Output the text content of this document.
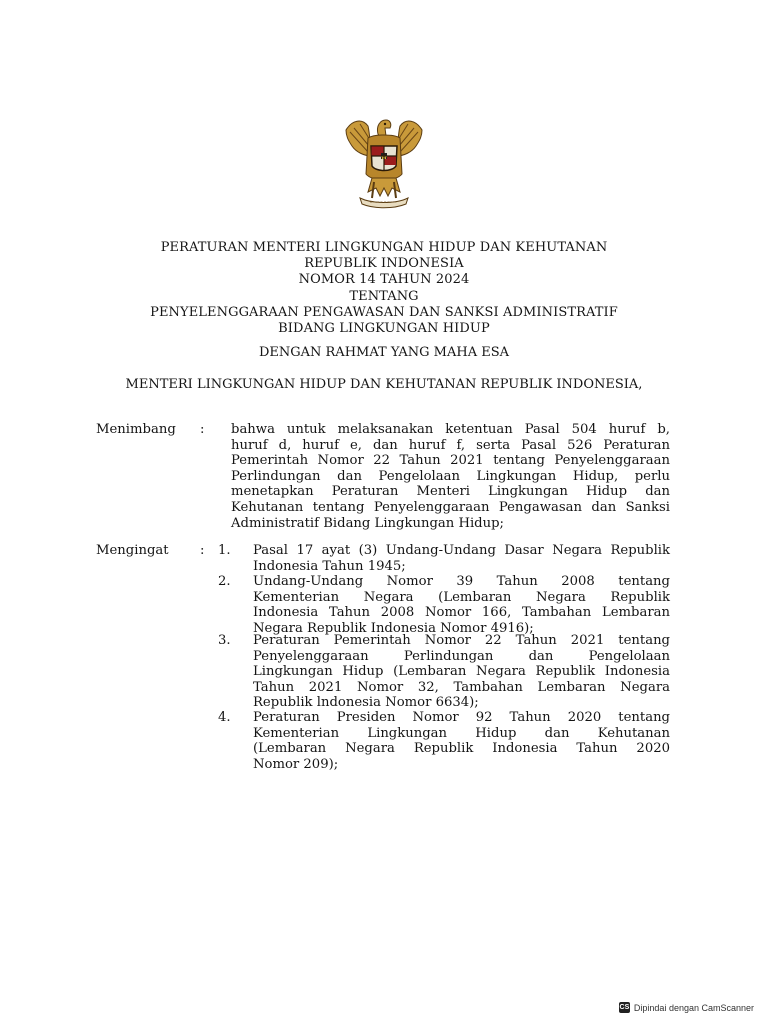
PERATURAN MENTERI LINGKUNGAN HIDUP DAN KEHUTANAN
REPUBLIK INDONESIA
NOMOR 14 TAHUN 2024
TENTANG
PENYELENGGARAAN PENGAWASAN DAN SANKSI ADMINISTRATIF
BIDANG LINGKUNGAN HIDUP
DENGAN RAHMAT YANG MAHA ESA
MENTERI LINGKUNGAN HIDUP DAN KEHUTANAN REPUBLIK INDONESIA,
Menimbang : bahwa untuk melaksanakan ketentuan Pasal 504 huruf b,
huruf d, huruf e, dan huruf f, serta Pasal 526 Peraturan
Pemerintah Nomor 22 Tahun 2021 tentang Penyelenggaraan
Perlindungan dan Pengelolaan Lingkungan Hidup, perlu
menetapkan Peraturan Menteri Lingkungan Hidup dan
Kehutanan tentang Penyelenggaraan Pengawasan dan Sanksi
Administratif Bidang Lingkungan Hidup;
Mengingat : 1. Pasal 17 ayat (3) Undang-Undang Dasar Negara Republik
Indonesia Tahun 1945;
2. Undang-Undang Nomor 39 Tahun 2008 tentang
Kementerian Negara (Lembaran Negara Republik
Indonesia Tahun 2008 Nomor 166, Tambahan Lembaran
Negara Republik Indonesia Nomor 4916);
3. Peraturan Pemerintah Nomor 22 Tahun 2021 tentang
Penyelenggaraan Perlindungan dan Pengelolaan
Lingkungan Hidup (Lembaran Negara Republik Indonesia
Tahun 2021 Nomor 32, Tambahan Lembaran Negara
Republik lndonesia Nomor 6634);
4. Peraturan Presiden Nomor 92 Tahun 2020 tentang
Kementerian Lingkungan Hidup dan Kehutanan
(Lembaran Negara Republik Indonesia Tahun 2020
Nomor 209);
CS Dipindai dengan CamScanner
